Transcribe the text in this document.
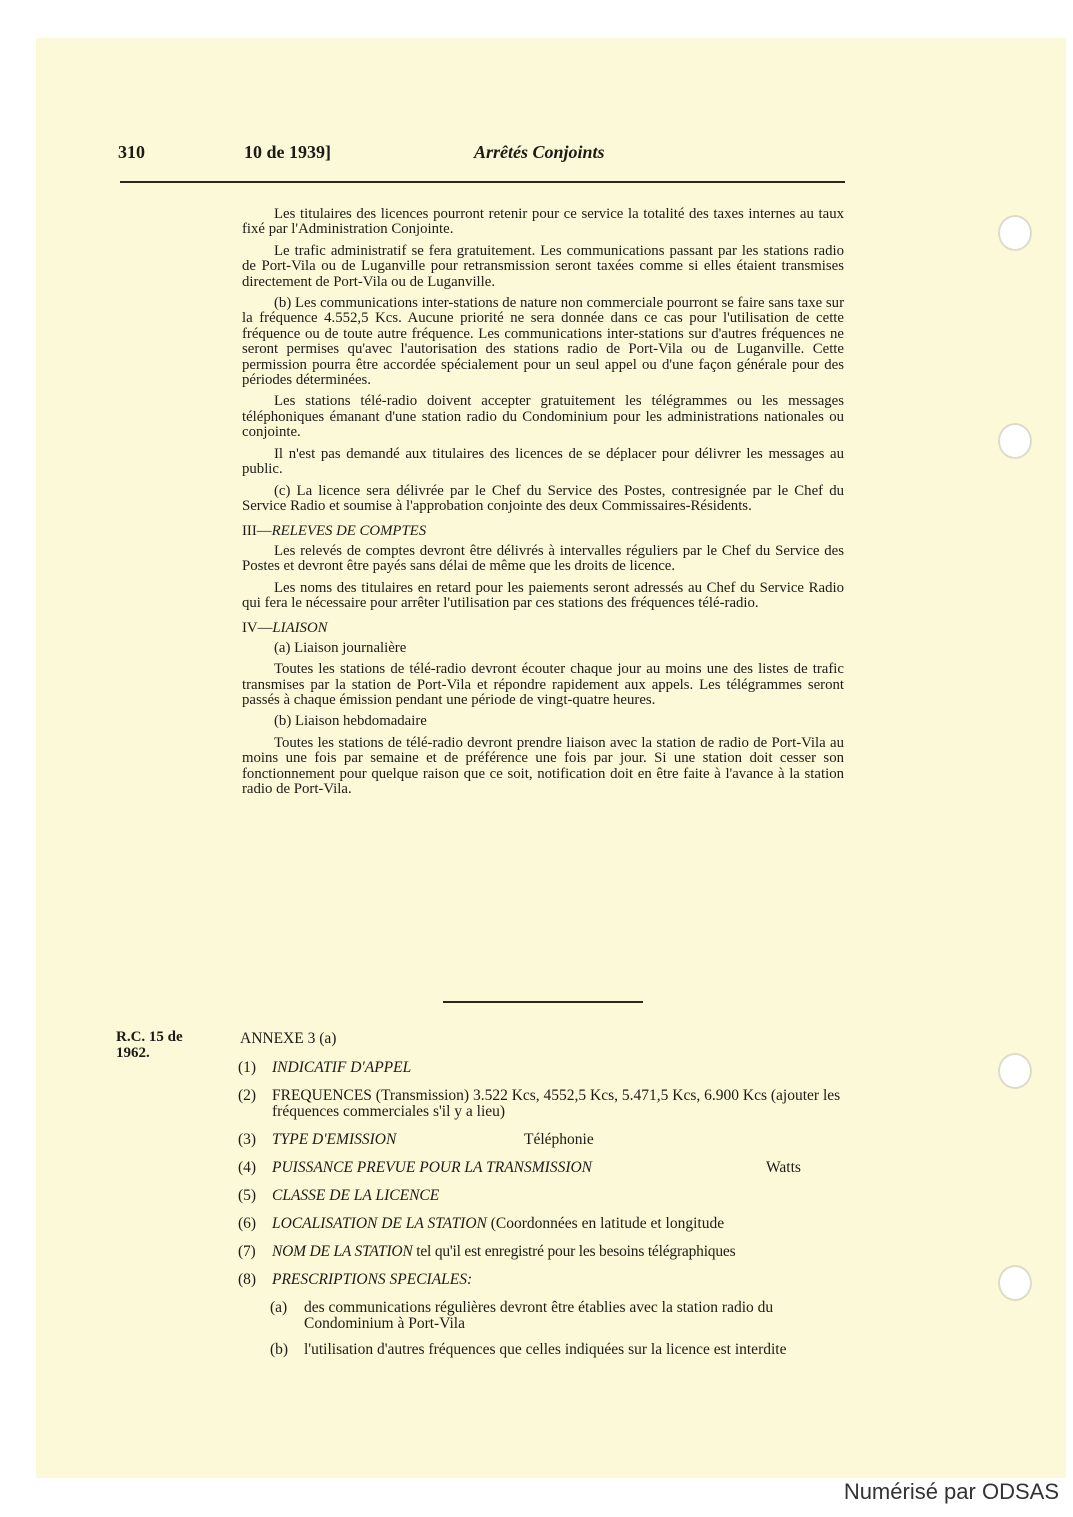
310	10 de 1939]	Arrêtés Conjoints

Les titulaires des licences pourront retenir pour ce service la totalité des taxes internes au taux fixé par l'Administration Conjointe.

Le trafic administratif se fera gratuitement. Les communications passant par les stations radio de Port-Vila ou de Luganville pour retransmission seront taxées comme si elles étaient transmises directement de Port-Vila ou de Luganville.

(b) Les communications inter-stations de nature non commerciale pourront se faire sans taxe sur la fréquence 4.552,5 Kcs. Aucune priorité ne sera donnée dans ce cas pour l'utilisation de cette fréquence ou de toute autre fréquence. Les communications inter-stations sur d'autres fréquences ne seront permises qu'avec l'autorisation des stations radio de Port-Vila ou de Luganville. Cette permission pourra être accordée spécialement pour un seul appel ou d'une façon générale pour des périodes déterminées.

Les stations télé-radio doivent accepter gratuitement les télégrammes ou les messages téléphoniques émanant d'une station radio du Condominium pour les administrations nationales ou conjointe.

Il n'est pas demandé aux titulaires des licences de se déplacer pour délivrer les messages au public.

(c) La licence sera délivrée par le Chef du Service des Postes, contresignée par le Chef du Service Radio et soumise à l'approbation conjointe des deux Commissaires-Résidents.

III—RELEVES DE COMPTES

Les relevés de comptes devront être délivrés à intervalles réguliers par le Chef du Service des Postes et devront être payés sans délai de même que les droits de licence.

Les noms des titulaires en retard pour les paiements seront adressés au Chef du Service Radio qui fera le nécessaire pour arrêter l'utilisation par ces stations des fréquences télé-radio.

IV—LIAISON

(a) Liaison journalière

Toutes les stations de télé-radio devront écouter chaque jour au moins une des listes de trafic transmises par la station de Port-Vila et répondre rapidement aux appels. Les télégrammes seront passés à chaque émission pendant une période de vingt-quatre heures.

(b) Liaison hebdomadaire

Toutes les stations de télé-radio devront prendre liaison avec la station de radio de Port-Vila au moins une fois par semaine et de préférence une fois par jour. Si une station doit cesser son fonctionnement pour quelque raison que ce soit, notification doit en être faite à l'avance à la station radio de Port-Vila.

R.C. 15 de
1962.
ANNEXE 3 (a)
(1) INDICATIF D'APPEL
(2) FREQUENCES (Transmission) 3.522 Kcs, 4552,5 Kcs, 5.471,5 Kcs, 6.900 Kcs (ajouter les fréquences commerciales s'il y a lieu)
(3) TYPE D'EMISSION	Téléphonie
(4) PUISSANCE PREVUE POUR LA TRANSMISSION	Watts
(5) CLASSE DE LA LICENCE
(6) LOCALISATION DE LA STATION (Coordonnées en latitude et longitude
(7) NOM DE LA STATION tel qu'il est enregistré pour les besoins télégraphiques
(8) PRESCRIPTIONS SPECIALES:
(a) des communications régulières devront être établies avec la station radio du Condominium à Port-Vila
(b) l'utilisation d'autres fréquences que celles indiquées sur la licence est interdite
Numérisé par ODSAS
